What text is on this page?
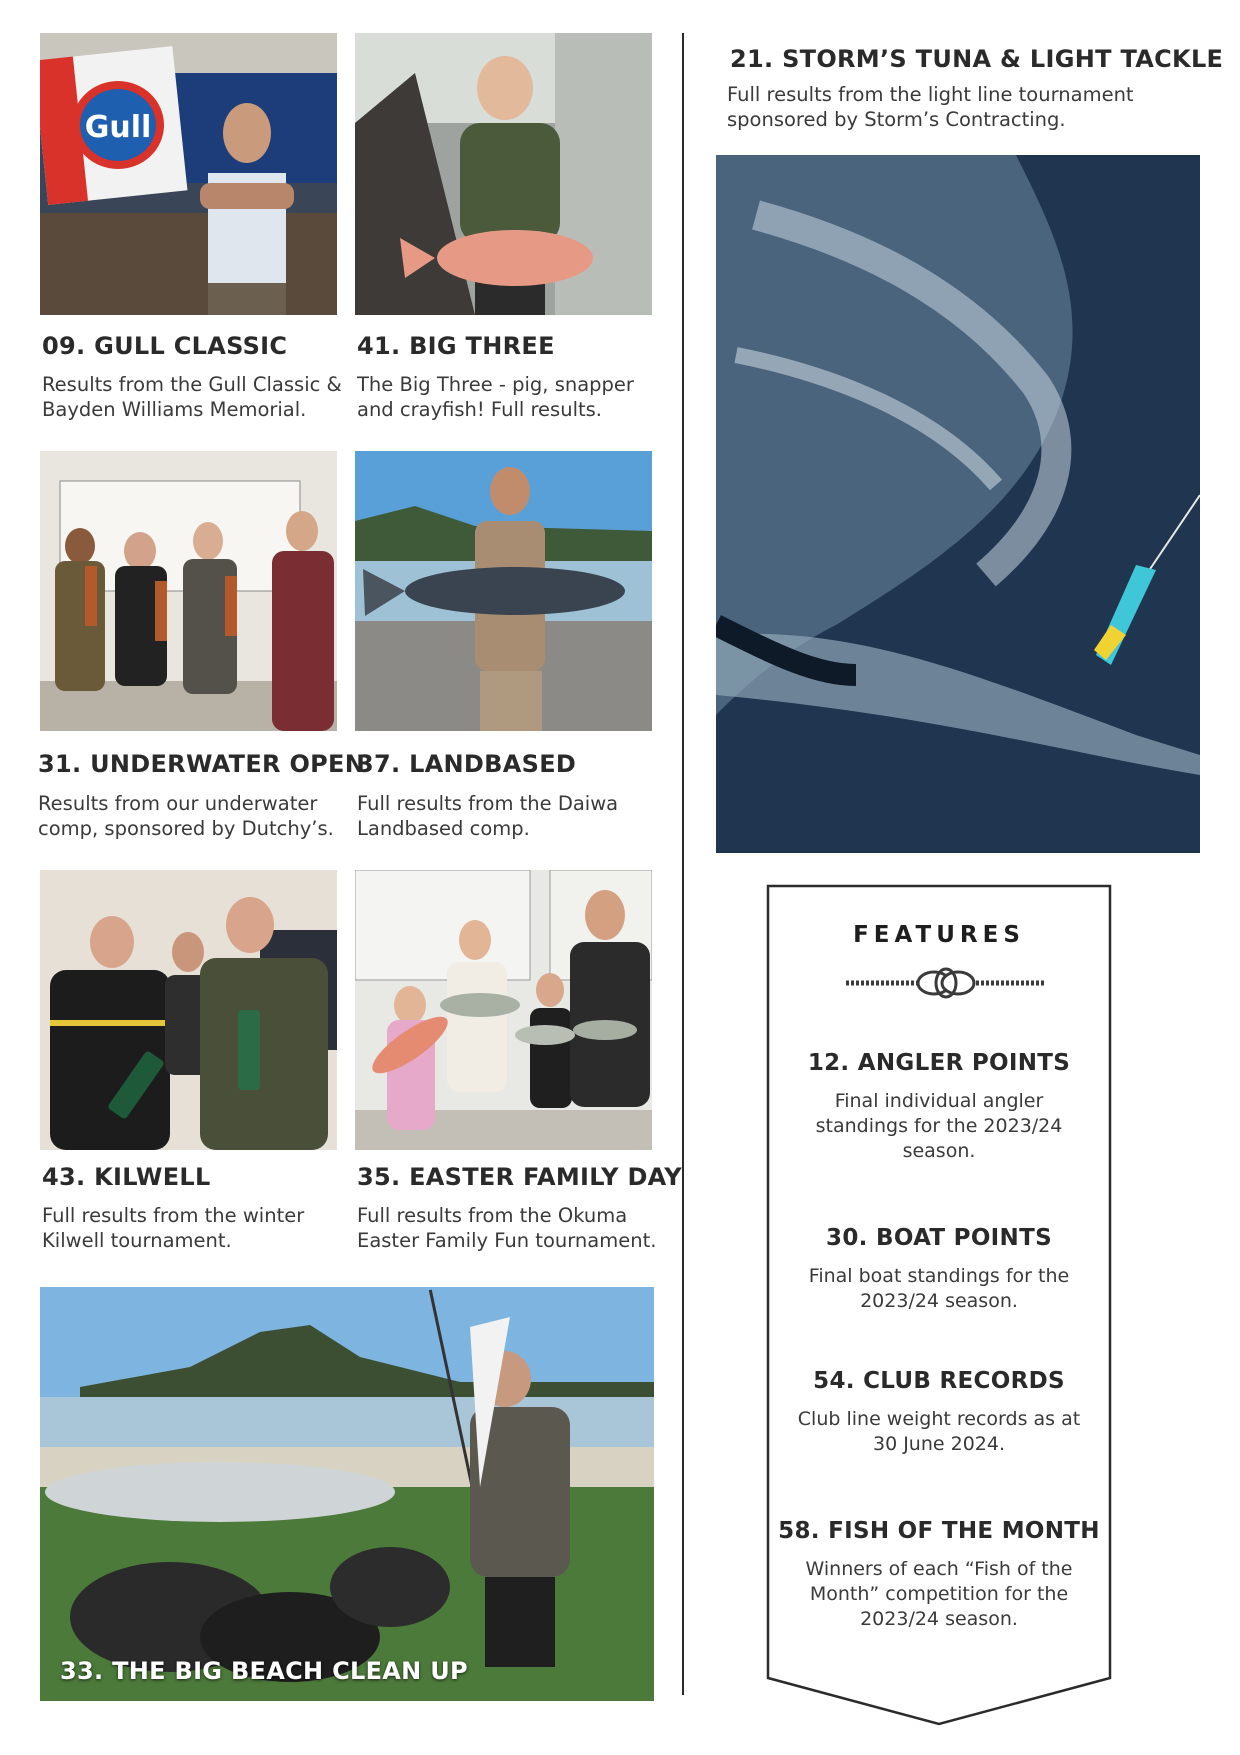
Gull
09. GULL CLASSIC
Results from the Gull Classic & Bayden Williams Memorial.
41. BIG THREE
The Big Three - pig, snapper and crayfish! Full results.
31. UNDERWATER OPEN
Results from our underwater comp, sponsored by Dutchy’s.
37. LANDBASED
Full results from the Daiwa Landbased comp.
43. KILWELL
Full results from the winter Kilwell tournament.
35. EASTER FAMILY DAY
Full results from the Okuma Easter Family Fun tournament.
33. THE BIG BEACH CLEAN UP
21. STORM’S TUNA & LIGHT TACKLE
Full results from the light line tournament sponsored by Storm’s Contracting.
FEATURES
12. ANGLER POINTS
Final individual angler standings for the 2023/24 season.
30. BOAT POINTS
Final boat standings for the 2023/24 season.
54. CLUB RECORDS
Club line weight records as at 30 June 2024.
58. FISH OF THE MONTH
Winners of each “Fish of the Month” competition for the 2023/24 season.
